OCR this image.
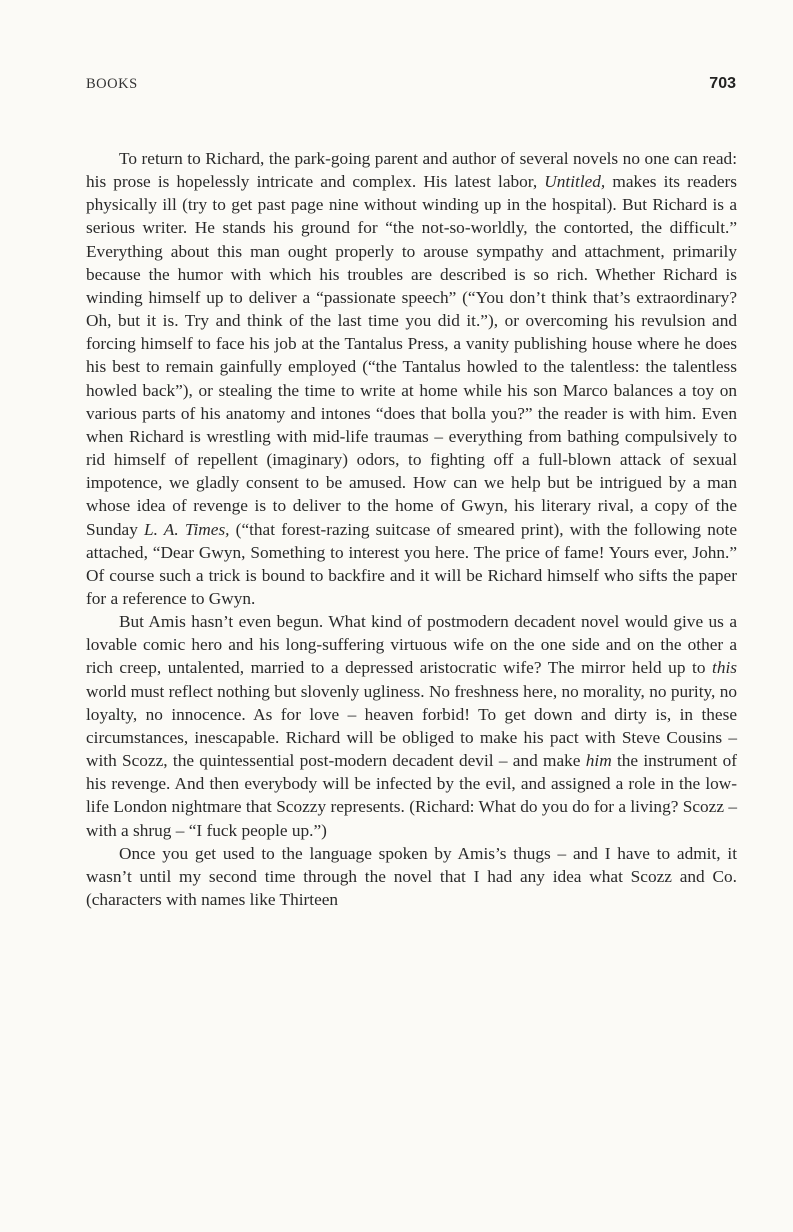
BOOKS	703

To return to Richard, the park-going parent and author of several novels no one can read: his prose is hopelessly intricate and complex. His latest labor, Untitled, makes its readers physically ill (try to get past page nine without winding up in the hospital). But Richard is a serious writer. He stands his ground for “the not-so-worldly, the contorted, the difficult.” Everything about this man ought properly to arouse sympathy and attachment, primarily because the humor with which his troubles are described is so rich. Whether Richard is winding himself up to deliver a “passionate speech” (“You don’t think that’s extraordinary? Oh, but it is. Try and think of the last time you did it.”), or overcoming his revulsion and forcing himself to face his job at the Tantalus Press, a vanity publishing house where he does his best to remain gainfully employed (“the Tantalus howled to the talentless: the talentless howled back”), or stealing the time to write at home while his son Marco balances a toy on various parts of his anatomy and intones “does that bolla you?” the reader is with him. Even when Richard is wrestling with mid-life traumas – everything from bathing compulsively to rid himself of repellent (imaginary) odors, to fighting off a full-blown attack of sexual impotence, we gladly consent to be amused. How can we help but be intrigued by a man whose idea of revenge is to deliver to the home of Gwyn, his literary rival, a copy of the Sunday L. A. Times, (“that forest-razing suitcase of smeared print), with the following note attached, “Dear Gwyn, Something to interest you here. The price of fame! Yours ever, John.” Of course such a trick is bound to backfire and it will be Richard himself who sifts the paper for a reference to Gwyn.

But Amis hasn’t even begun. What kind of postmodern decadent novel would give us a lovable comic hero and his long-suffering virtuous wife on the one side and on the other a rich creep, untalented, married to a depressed aristocratic wife? The mirror held up to this world must reflect nothing but slovenly ugliness. No freshness here, no morality, no purity, no loyalty, no innocence. As for love – heaven forbid! To get down and dirty is, in these circumstances, inescapable. Richard will be obliged to make his pact with Steve Cousins – with Scozz, the quintessential post-modern decadent devil – and make him the instrument of his revenge. And then everybody will be infected by the evil, and assigned a role in the low-life London nightmare that Scozzy represents. (Richard: What do you do for a living? Scozz – with a shrug – “I fuck people up.”)

Once you get used to the language spoken by Amis’s thugs – and I have to admit, it wasn’t until my second time through the novel that I had any idea what Scozz and Co. (characters with names like Thirteen
